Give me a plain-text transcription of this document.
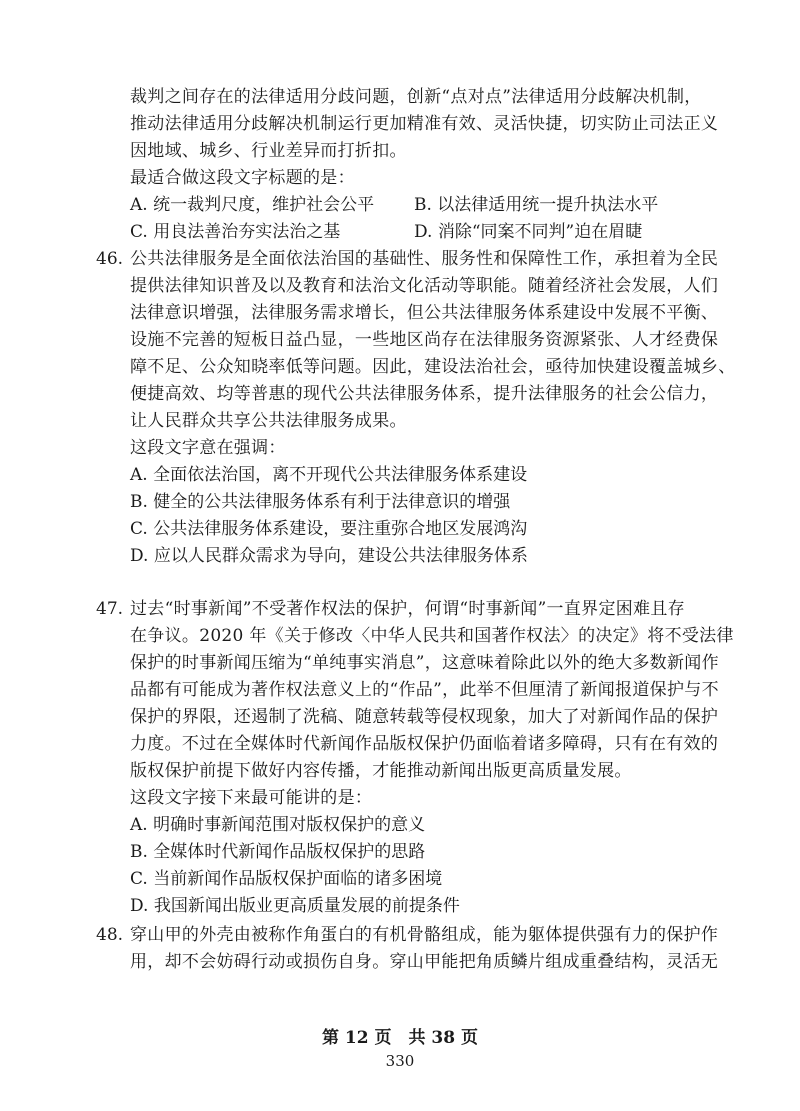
裁判之间存在的法律适用分歧问题，创新“点对点”法律适用分歧解决机制，
推动法律适用分歧解决机制运行更加精准有效、灵活快捷，切实防止司法正义
因地域、城乡、行业差异而打折扣。
最适合做这段文字标题的是：
A. 统一裁判尺度，维护社会公平 B. 以法律适用统一提升执法水平
C. 用良法善治夯实法治之基	D. 消除“同案不同判”迫在眉睫
46. 公共法律服务是全面依法治国的基础性、服务性和保障性工作，承担着为全民
提供法律知识普及以及教育和法治文化活动等职能。随着经济社会发展，人们
法律意识增强，法律服务需求增长，但公共法律服务体系建设中发展不平衡、
设施不完善的短板日益凸显，一些地区尚存在法律服务资源紧张、人才经费保
障不足、公众知晓率低等问题。因此，建设法治社会，亟待加快建设覆盖城乡、
便捷高效、均等普惠的现代公共法律服务体系，提升法律服务的社会公信力，
让人民群众共享公共法律服务成果。
这段文字意在强调：
A. 全面依法治国，离不开现代公共法律服务体系建设
B. 健全的公共法律服务体系有利于法律意识的增强
C. 公共法律服务体系建设，要注重弥合地区发展鸿沟
D. 应以人民群众需求为导向，建设公共法律服务体系
47. 过去“时事新闻”不受著作权法的保护，何谓“时事新闻”一直界定困难且存
在争议。2020 年《关于修改〈中华人民共和国著作权法〉的决定》将不受法律
保护的时事新闻压缩为“单纯事实消息”，这意味着除此以外的绝大多数新闻作
品都有可能成为著作权法意义上的“作品”，此举不但厘清了新闻报道保护与不
保护的界限，还遏制了洗稿、随意转载等侵权现象，加大了对新闻作品的保护
力度。不过在全媒体时代新闻作品版权保护仍面临着诸多障碍，只有在有效的
版权保护前提下做好内容传播，才能推动新闻出版更高质量发展。
这段文字接下来最可能讲的是：
A. 明确时事新闻范围对版权保护的意义
B. 全媒体时代新闻作品版权保护的思路
C. 当前新闻作品版权保护面临的诸多困境
D. 我国新闻出版业更高质量发展的前提条件
第 12 页　共 38 页
330
48. 穿山甲的外壳由被称作角蛋白的有机骨骼组成，能为躯体提供强有力的保护作
用，却不会妨碍行动或损伤自身。穿山甲能把角质鳞片组成重叠结构，灵活无
